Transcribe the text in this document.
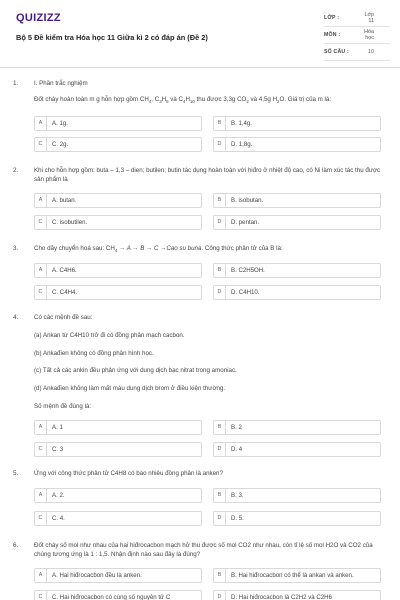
QUIZIZZ
Bộ 5 Đề kiểm tra Hóa học 11 Giữa kì 2 có đáp án (Đề 2)
LỚP :	Lớp 11
MÔN :	Hóa học
SỐ CÂU :	10
1.	I. Phần trắc nghiệm
Đốt cháy hoàn toàn m g hỗn hợp gồm $CH_4$, $C_3H_8$ và $C_4H_{10}$ thu được 3,3g $CO_2$ và 4,5g $H_2O$. Giá trị của m là:
A	A. 1g.	B	B. 1,4g.
C	C. 2g.	D	D. 1,8g.
2.	Khi cho hỗn hợp gồm: buta – 1,3 – dien; butilen; butin tác dụng hoàn toàn với hiđro ở nhiệt độ cao, có Ni làm xúc tác thu được sản phẩm là
A	A. butan.	B	B. isobutan.
C	C. isobutilen.	D	D. pentan.
3.	Cho dãy chuyển hoá sau: $CH_4 \to A \to B \to C \to Cao$ su buna. Công thức phân tử của B là:
A	A. C4H6.	B	B. C2H5OH.
C	C. C4H4.	D	D. C4H10.
4.	Có các mệnh đề sau:
(a) Ankan từ C4H10 trở đi có đồng phân mạch cacbon.
(b) Ankađien không có đồng phân hình học.
(c) Tất cả các ankin đều phản ứng với dung dịch bạc nitrat trong amoniac.
(d) Ankađien không làm mất màu dung dịch brom ở điều kiện thường.
Số mệnh đề đúng là:
A	A. 1	B	B. 2
C	C. 3	D	D. 4
5.	Ứng với công thức phân tử C4H8 có bao nhiêu đồng phân là anken?
A	A. 2.	B	B. 3.
C	C. 4.	D	D. 5.
6.	Đốt cháy số mol như nhau của hai hiđrocacbon mạch hở thu được số mol CO2 như nhau, còn tỉ lệ số mol H2O và CO2 của chúng tương ứng là 1 : 1,5. Nhận định nào sau đây là đúng?
A	A. Hai hiđrocacbon đều là anken.	B	B. Hai hiđrocacbon có thể là ankan và anken.
C	C. Hai hiđrocacbon có cùng số nguyên tử C	D	D. Hai hiđrocacbon là C2H2 và C2H6
